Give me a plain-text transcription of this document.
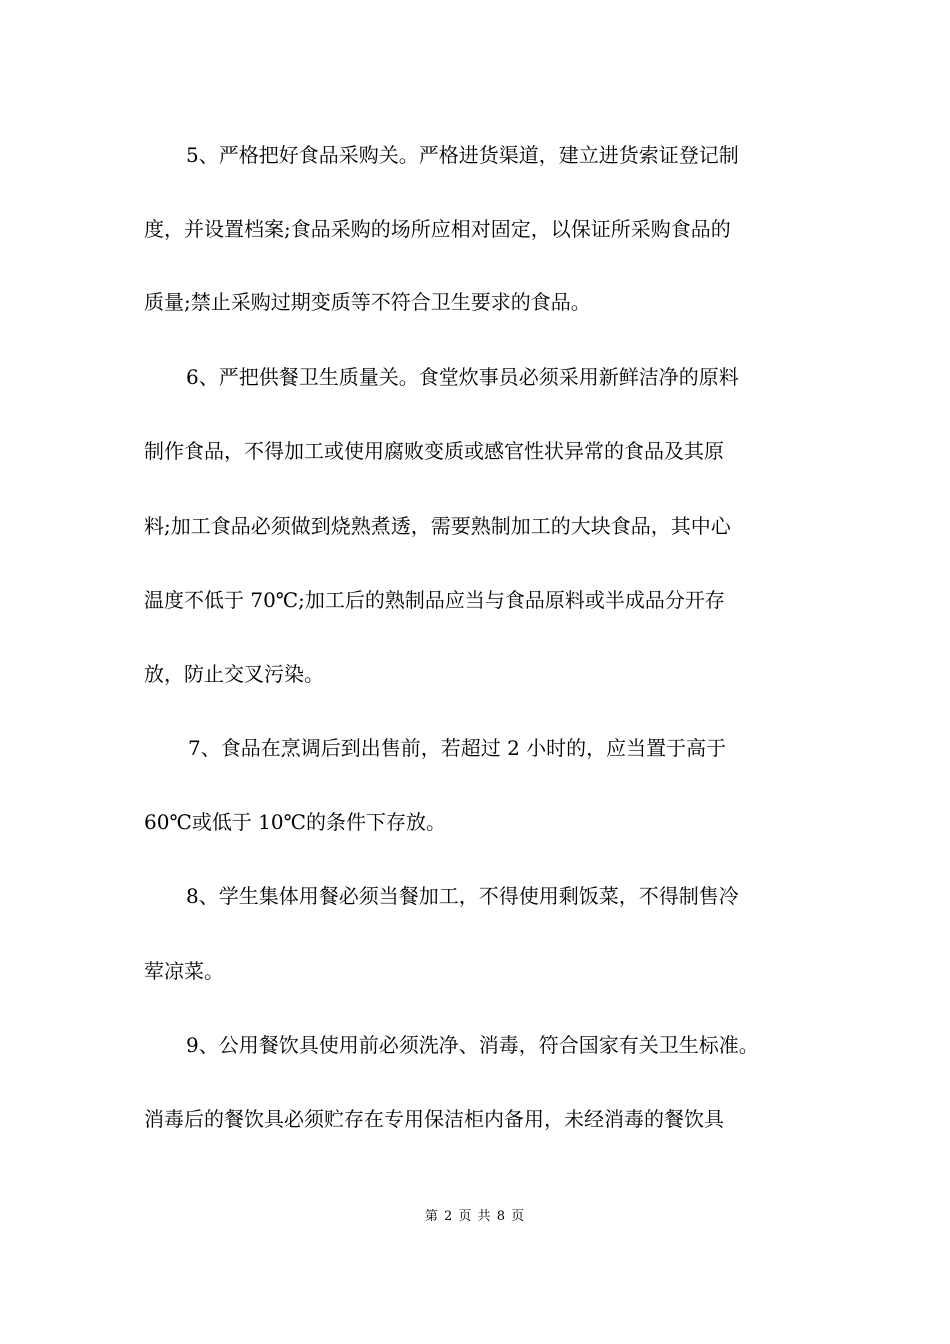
5、严格把好食品采购关。严格进货渠道，建立进货索证登记制
度，并设置档案;食品采购的场所应相对固定，以保证所采购食品的
质量;禁止采购过期变质等不符合卫生要求的食品。
6、严把供餐卫生质量关。食堂炊事员必须采用新鲜洁净的原料
制作食品，不得加工或使用腐败变质或感官性状异常的食品及其原
料;加工食品必须做到烧熟煮透，需要熟制加工的大块食品，其中心
温度不低于 70℃;加工后的熟制品应当与食品原料或半成品分开存
放，防止交叉污染。
7、食品在烹调后到出售前，若超过 2 小时的，应当置于高于
60℃或低于 10℃的条件下存放。
8、学生集体用餐必须当餐加工，不得使用剩饭菜，不得制售冷
荤凉菜。
9、公用餐饮具使用前必须洗净、消毒，符合国家有关卫生标准。
消毒后的餐饮具必须贮存在专用保洁柜内备用，未经消毒的餐饮具
第 2 页 共 8 页
